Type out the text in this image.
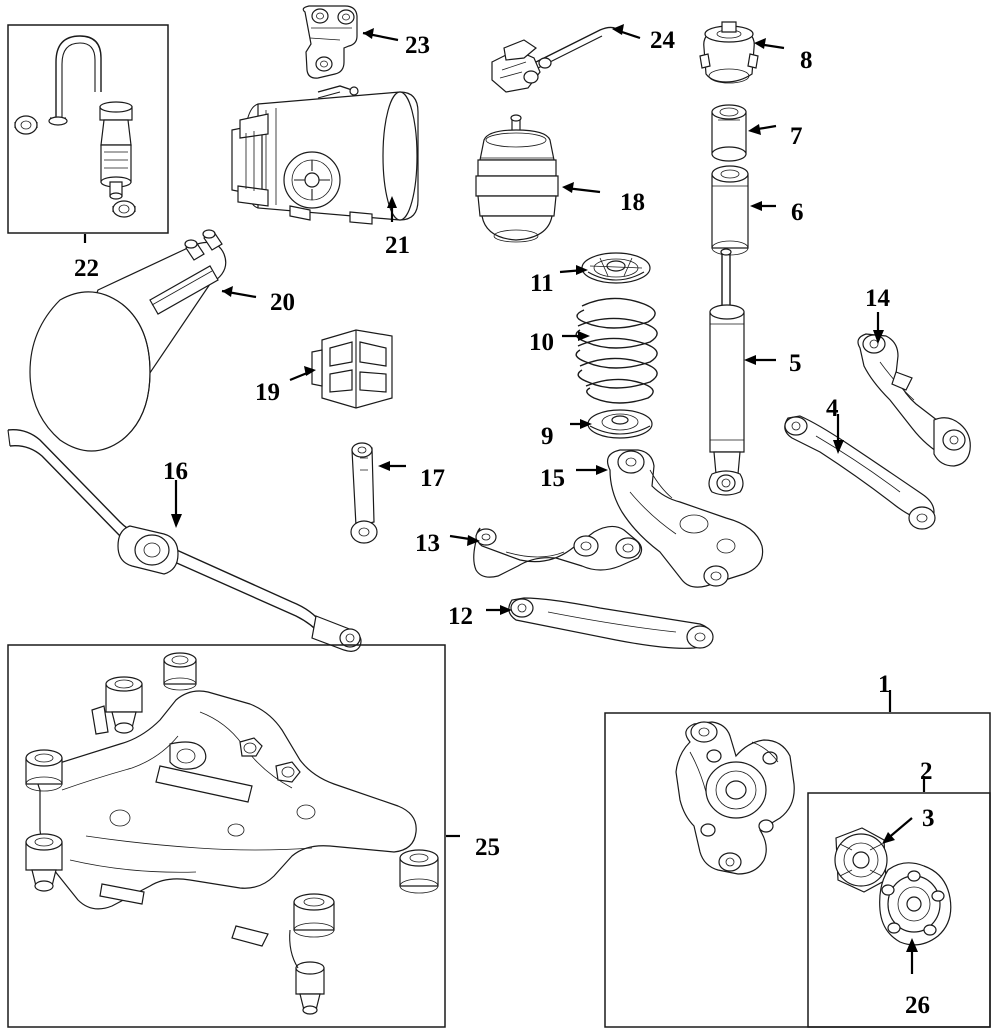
1
2
3
4
5
6
7
8
9
10
11
12
13
14
15
16	17
18
19
20
21
22
23	24
25
26
